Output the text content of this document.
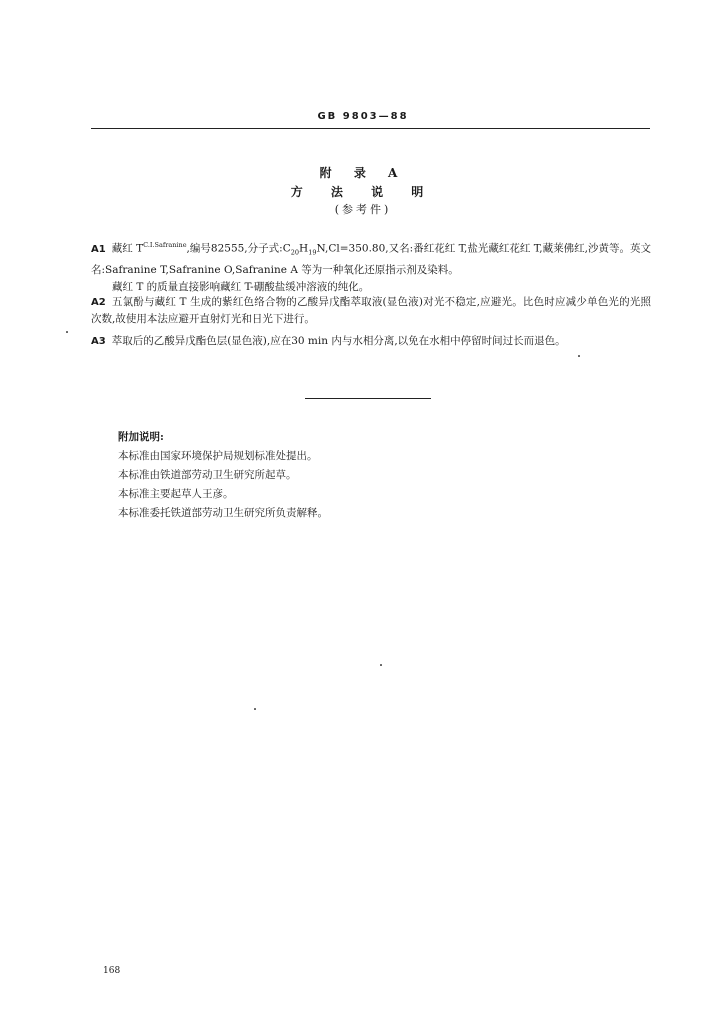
GB 9803—88
附 录 A
方 法 说 明
(参考件)
A1 藏红 $T^{C.I.Safranine}$,编号82555,分子式$:C_{20}H_{19}N,Cl=350.80$,又名:番红花红 T,盐光藏红花红 T,藏莱佛红,沙黄等。英文名:Safranine T,Safranine O,Safranine A 等为一种氧化还原指示剂及染料。
藏红 T 的质量直接影响藏红 T-硼酸盐缓冲溶液的纯化。
A2 五氯酚与藏红 T 生成的紫红色络合物的乙酸异戊酯萃取液(显色液)对光不稳定,应避光。比色时应减少单色光的光照次数,故使用本法应避开直射灯光和日光下进行。
A3 萃取后的乙酸异戊酯色层(显色液),应在30 min 内与水相分离,以免在水相中停留时间过长而退色。
附加说明:
本标准由国家环境保护局规划标准处提出。
本标准由铁道部劳动卫生研究所起草。
本标准主要起草人王彦。
本标准委托铁道部劳动卫生研究所负责解释。
168
